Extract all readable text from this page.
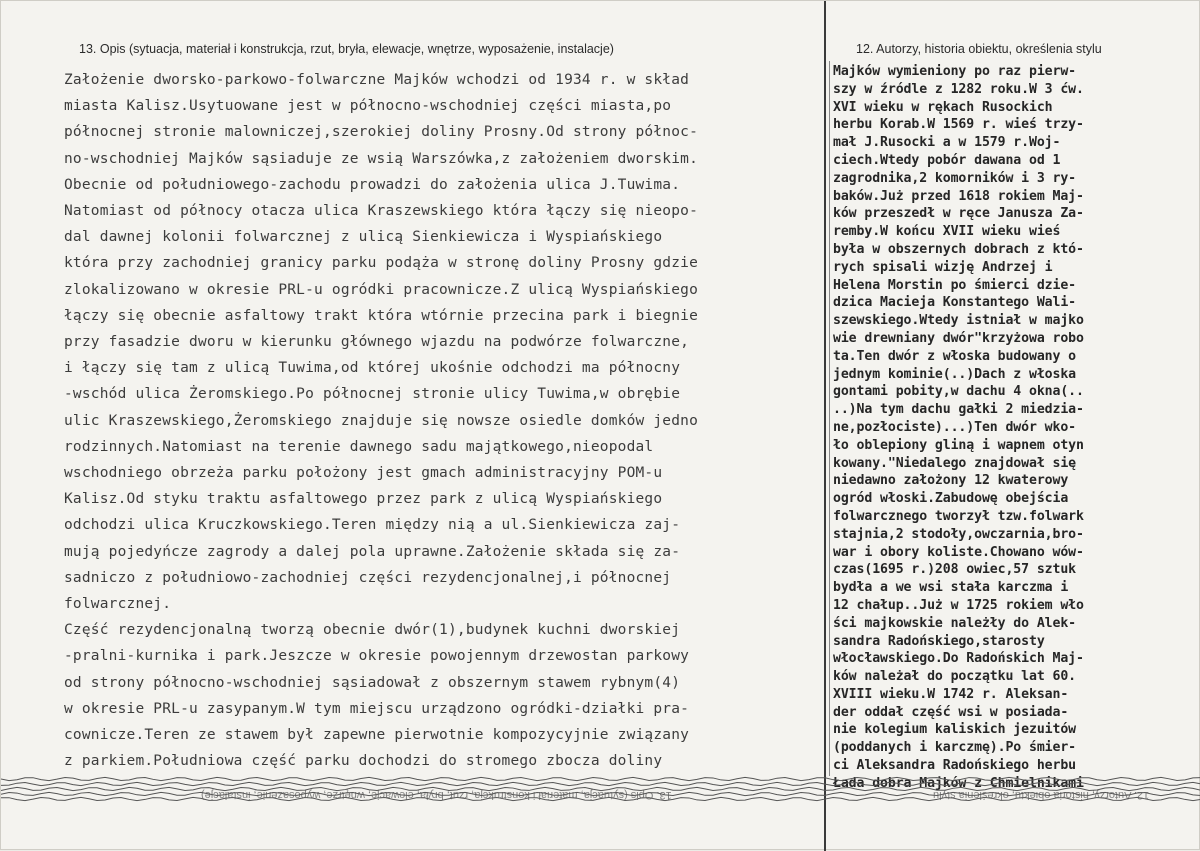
13. Opis (sytuacja, materiał i konstrukcja, rzut, bryła, elewacje, wnętrze, wyposażenie, instalacje)	12. Autorzy, historia obiektu, określenia stylu
Założenie dworsko-parkowo-folwarczne Majków wchodzi od 1934 r. w skład
miasta Kalisz.Usytuowane jest w północno-wschodniej części miasta,po
północnej stronie malowniczej,szerokiej doliny Prosny.Od strony północ-
no-wschodniej Majków sąsiaduje ze wsią Warszówka,z założeniem dworskim.
Obecnie od południowego-zachodu prowadzi do założenia ulica J.Tuwima.
Natomiast od północy otacza ulica Kraszewskiego która łączy się nieopo-
dal dawnej kolonii folwarcznej z ulicą Sienkiewicza i Wyspiańskiego
która przy zachodniej granicy parku podąża w stronę doliny Prosny gdzie
zlokalizowano w okresie PRL-u ogródki pracownicze.Z ulicą Wyspiańskiego
łączy się obecnie asfaltowy trakt która wtórnie przecina park i biegnie
przy fasadzie dworu w kierunku głównego wjazdu na podwórze folwarczne,
i łączy się tam z ulicą Tuwima,od której ukośnie odchodzi ma północny
-wschód ulica Żeromskiego.Po północnej stronie ulicy Tuwima,w obrębie
ulic Kraszewskiego,Żeromskiego znajduje się nowsze osiedle domków jedno
rodzinnych.Natomiast na terenie dawnego sadu majątkowego,nieopodal
wschodniego obrzeża parku położony jest gmach administracyjny POM-u
Kalisz.Od styku traktu asfaltowego przez park z ulicą Wyspiańskiego
odchodzi ulica Kruczkowskiego.Teren między nią a ul.Sienkiewicza zaj-
mują pojedyńcze zagrody a dalej pola uprawne.Założenie składa się za-
sadniczo z południowo-zachodniej części rezydencjonalnej,i północnej
folwarcznej.
Część rezydencjonalną tworzą obecnie dwór(1),budynek kuchni dworskiej
-pralni-kurnika i park.Jeszcze w okresie powojennym drzewostan parkowy
od strony północno-wschodniej sąsiadował z obszernym stawem rybnym(4)
w okresie PRL-u zasypanym.W tym miejscu urządzono ogródki-działki pra-
cownicze.Teren ze stawem był zapewne pierwotnie kompozycyjnie związany
z parkiem.Południowa część parku dochodzi do stromego zbocza doliny
Majków wymieniony po raz pierw-
szy w źródle z 1282 roku.W 3 ćw.
XVI wieku w rękach Rusockich
herbu Korab.W 1569 r. wieś trzy-
mał J.Rusocki a w 1579 r.Woj-
ciech.Wtedy pobór dawana od 1
zagrodnika,2 komorników i 3 ry-
baków.Już przed 1618 rokiem Maj-
ków przeszedł w ręce Janusza Za-
remby.W końcu XVII wieku wieś
była w obszernych dobrach z któ-
rych spisali wizję Andrzej i
Helena Morstin po śmierci dzie-
dzica Macieja Konstantego Wali-
szewskiego.Wtedy istniał w majko
wie drewniany dwór"krzyżowa robo
ta.Ten dwór z włoska budowany o
jednym kominie(..)Dach z włoska
gontami pobity,w dachu 4 okna(..
..)Na tym dachu gałki 2 miedzia-
ne,pozłociste)...)Ten dwór wko-
ło oblepiony gliną i wapnem otyn
kowany."Niedalego znajdował się
niedawno założony 12 kwaterowy
ogród włoski.Zabudowę obejścia
folwarcznego tworzył tzw.folwark
stajnia,2 stodoły,owczarnia,bro-
war i obory koliste.Chowano wów-
czas(1695 r.)208 owiec,57 sztuk
bydła a we wsi stała karczma i
12 chałup..Już w 1725 rokiem wło
ści majkowskie należły do Alek-
sandra Radońskiego,starosty
włocławskiego.Do Radońskich Maj-
ków należał do początku lat 60.
XVIII wieku.W 1742 r. Aleksan-
der oddał część wsi w posiada-
nie kolegium kaliskich jezuitów
(poddanych i karczmę).Po śmier-
ci Aleksandra Radońskiego herbu
Łada dobra Majków z Chmielnikami
13. Opis (sytuacja, materiał i konstrukcja, rzut, bryła, elewacje, wnętrze, wyposażenie, instalacje)	12. Autorzy, historia obiektu, określenia stylu
